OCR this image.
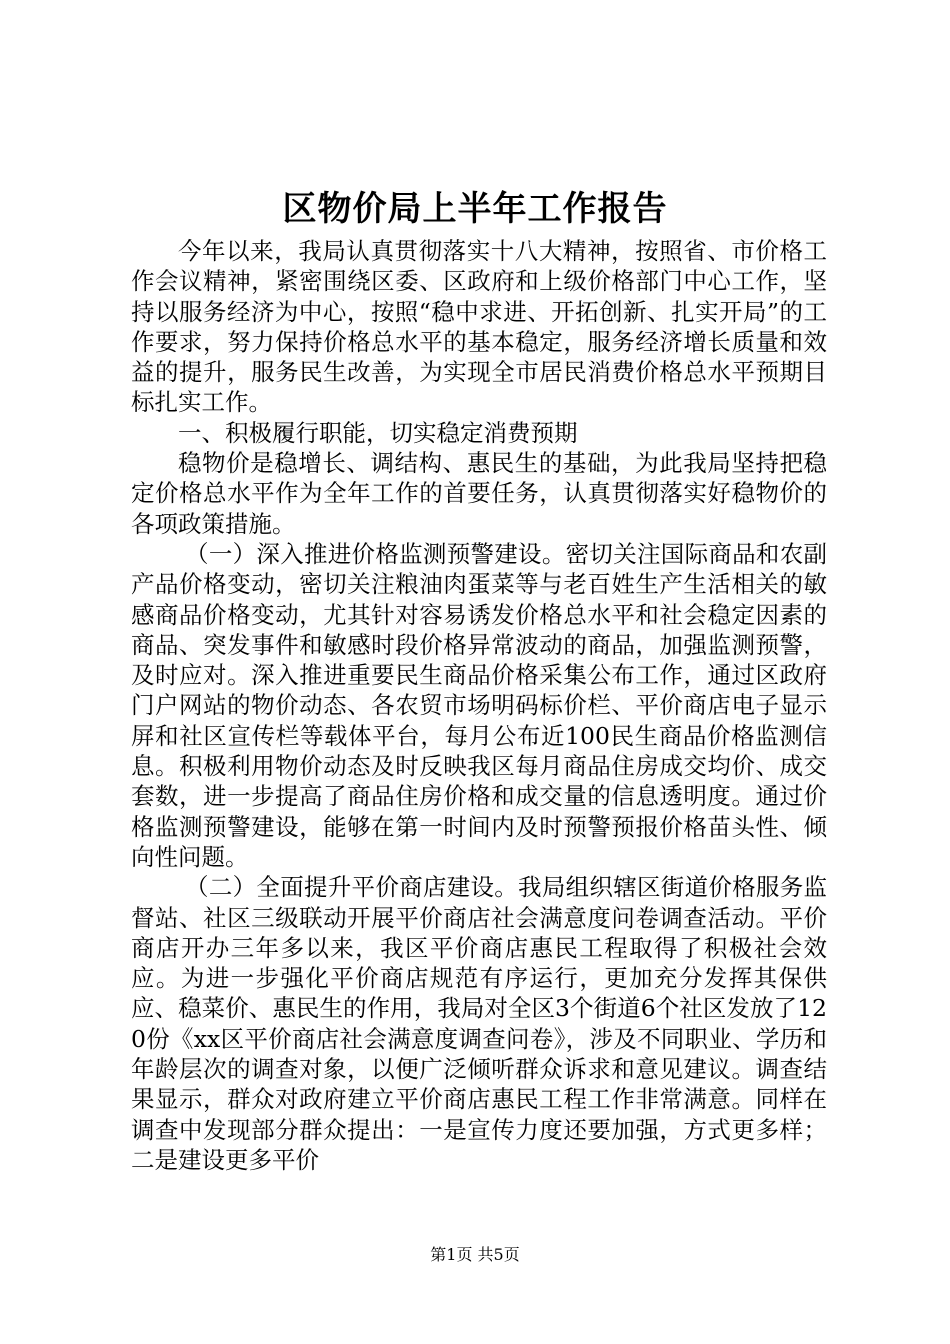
区物价局上半年工作报告

今年以来，我局认真贯彻落实十八大精神，按照省、市价格工作会议精神，紧密围绕区委、区政府和上级价格部门中心工作，坚持以服务经济为中心，按照“稳中求进、开拓创新、扎实开局”的工作要求，努力保持价格总水平的基本稳定，服务经济增长质量和效益的提升，服务民生改善，为实现全市居民消费价格总水平预期目标扎实工作。

一、积极履行职能，切实稳定消费预期

稳物价是稳增长、调结构、惠民生的基础，为此我局坚持把稳定价格总水平作为全年工作的首要任务，认真贯彻落实好稳物价的各项政策措施。

（一）深入推进价格监测预警建设。密切关注国际商品和农副产品价格变动，密切关注粮油肉蛋菜等与老百姓生产生活相关的敏感商品价格变动，尤其针对容易诱发价格总水平和社会稳定因素的商品、突发事件和敏感时段价格异常波动的商品，加强监测预警，及时应对。深入推进重要民生商品价格采集公布工作，通过区政府门户网站的物价动态、各农贸市场明码标价栏、平价商店电子显示屏和社区宣传栏等载体平台，每月公布近100民生商品价格监测信息。积极利用物价动态及时反映我区每月商品住房成交均价、成交套数，进一步提高了商品住房价格和成交量的信息透明度。通过价格监测预警建设，能够在第一时间内及时预警预报价格苗头性、倾向性问题。

（二）全面提升平价商店建设。我局组织辖区街道价格服务监督站、社区三级联动开展平价商店社会满意度问卷调查活动。平价商店开办三年多以来，我区平价商店惠民工程取得了积极社会效应。为进一步强化平价商店规范有序运行，更加充分发挥其保供应、稳菜价、惠民生的作用，我局对全区3个街道6个社区发放了120份《xx区平价商店社会满意度调查问卷》，涉及不同职业、学历和年龄层次的调查对象，以便广泛倾听群众诉求和意见建议。调查结果显示，群众对政府建立平价商店惠民工程工作非常满意。同样在调查中发现部分群众提出：一是宣传力度还要加强，方式更多样；二是建设更多平价

第1页 共5页
